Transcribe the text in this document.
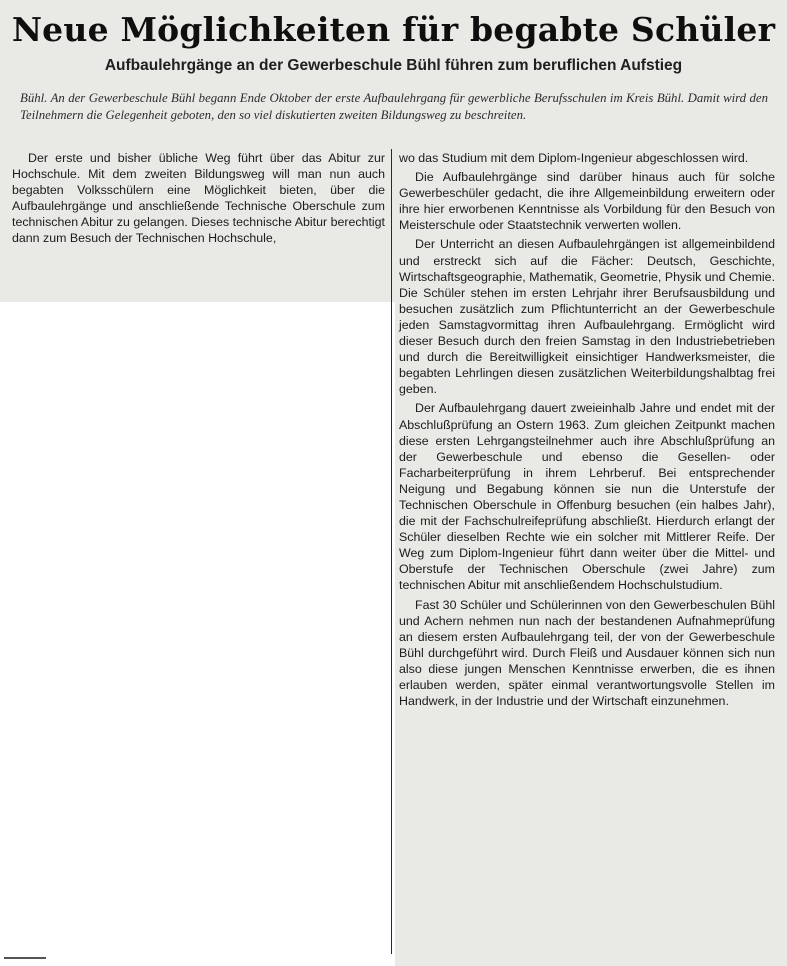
Neue Möglichkeiten für begabte Schüler
Aufbaulehrgänge an der Gewerbeschule Bühl führen zum beruflichen Aufstieg
Bühl. An der Gewerbeschule Bühl begann Ende Oktober der erste Aufbaulehrgang für gewerbliche Berufsschulen im Kreis Bühl. Damit wird den Teilnehmern die Gelegenheit geboten, den so viel diskutierten zweiten Bildungsweg zu beschreiten.

Der erste und bisher übliche Weg führt über das Abitur zur Hochschule. Mit dem zweiten Bildungsweg will man nun auch begabten Volksschülern eine Möglichkeit bieten, über die Aufbaulehrgänge und anschließende Technische Oberschule zum technischen Abitur zu gelangen. Dieses technische Abitur berechtigt dann zum Besuch der Technischen Hochschule,

wo das Studium mit dem Diplom-Ingenieur abgeschlossen wird.

Die Aufbaulehrgänge sind darüber hinaus auch für solche Gewerbeschüler gedacht, die ihre Allgemeinbildung erweitern oder ihre hier erworbenen Kenntnisse als Vorbildung für den Besuch von Meisterschule oder Staatstechnik verwerten wollen.

Der Unterricht an diesen Aufbaulehrgängen ist allgemeinbildend und erstreckt sich auf die Fächer: Deutsch, Geschichte, Wirtschaftsgeographie, Mathematik, Geometrie, Physik und Chemie. Die Schüler stehen im ersten Lehrjahr ihrer Berufsausbildung und besuchen zusätzlich zum Pflichtunterricht an der Gewerbeschule jeden Samstagvormittag ihren Aufbaulehrgang. Ermöglicht wird dieser Besuch durch den freien Samstag in den Industriebetrieben und durch die Bereitwilligkeit einsichtiger Handwerksmeister, die begabten Lehrlingen diesen zusätzlichen Weiterbildungshalbtag frei geben.

Der Aufbaulehrgang dauert zweieinhalb Jahre und endet mit der Abschlußprüfung an Ostern 1963. Zum gleichen Zeitpunkt machen diese ersten Lehrgangsteilnehmer auch ihre Abschlußprüfung an der Gewerbeschule und ebenso die Gesellen- oder Facharbeiterprüfung in ihrem Lehrberuf. Bei entsprechender Neigung und Begabung können sie nun die Unterstufe der Technischen Oberschule in Offenburg besuchen (ein halbes Jahr), die mit der Fachschulreifeprüfung abschließt. Hierdurch erlangt der Schüler dieselben Rechte wie ein solcher mit Mittlerer Reife. Der Weg zum Diplom-Ingenieur führt dann weiter über die Mittel- und Oberstufe der Technischen Oberschule (zwei Jahre) zum technischen Abitur mit anschließendem Hochschulstudium.

Fast 30 Schüler und Schülerinnen von den Gewerbeschulen Bühl und Achern nehmen nun nach der bestandenen Aufnahmeprüfung an diesem ersten Aufbaulehrgang teil, der von der Gewerbeschule Bühl durchgeführt wird. Durch Fleiß und Ausdauer können sich nun also diese jungen Menschen Kenntnisse erwerben, die es ihnen erlauben werden, später einmal verantwortungsvolle Stellen im Handwerk, in der Industrie und der Wirtschaft einzunehmen.
